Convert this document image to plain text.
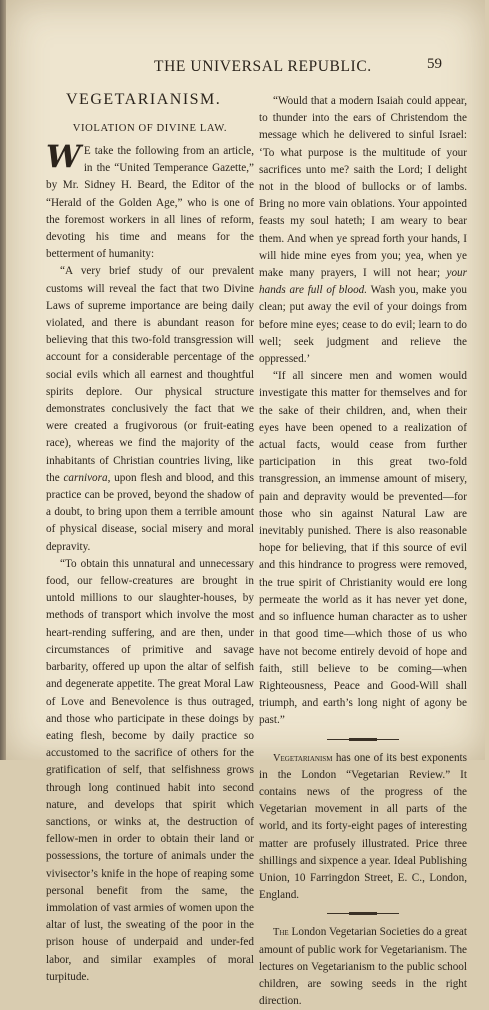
THE UNIVERSAL REPUBLIC.	59
VEGETARIANISM.
VIOLATION OF DIVINE LAW.

W E take the following from an article, in the “United Temperance Gazette,” by Mr. Sidney H. Beard, the Editor of the “Herald of the Golden Age,” who is one of the foremost workers in all lines of reform, devoting his time and means for the betterment of humanity:

“A very brief study of our prevalent customs will reveal the fact that two Divine Laws of supreme importance are being daily violated, and there is abundant reason for believing that this two-fold transgression will account for a considerable percentage of the social evils which all earnest and thoughtful spirits deplore. Our physical structure demonstrates conclusively the fact that we were created a frugivorous (or fruit-eating race), whereas we find the majority of the inhabitants of Christian countries living, like the carnivora, upon flesh and blood, and this practice can be proved, beyond the shadow of a doubt, to bring upon them a terrible amount of physical disease, social misery and moral depravity.

“To obtain this unnatural and unnecessary food, our fellow-creatures are brought in untold millions to our slaughter-houses, by methods of transport which involve the most heart-rending suffering, and are then, under circumstances of primitive and savage barbarity, offered up upon the altar of selfish and degenerate appetite. The great Moral Law of Love and Benevolence is thus outraged, and those who participate in these doings by eating flesh, become by daily practice so accustomed to the sacrifice of others for the gratification of self, that selfishness grows through long continued habit into second nature, and develops that spirit which sanctions, or winks at, the destruction of fellow-men in order to obtain their land or possessions, the torture of animals under the vivisector’s knife in the hope of reaping some personal benefit from the same, the immolation of vast armies of women upon the altar of lust, the sweating of the poor in the prison house of underpaid and under-fed labor, and similar examples of moral turpitude.

“Would that a modern Isaiah could appear, to thunder into the ears of Christendom the message which he delivered to sinful Israel: ‘To what purpose is the multitude of your sacrifices unto me? saith the Lord; I delight not in the blood of bullocks or of lambs. Bring no more vain oblations. Your appointed feasts my soul hateth; I am weary to bear them. And when ye spread forth your hands, I will hide mine eyes from you; yea, when ye make many prayers, I will not hear; your hands are full of blood. Wash you, make you clean; put away the evil of your doings from before mine eyes; cease to do evil; learn to do well; seek judgment and relieve the oppressed.’

“If all sincere men and women would investigate this matter for themselves and for the sake of their children, and, when their eyes have been opened to a realization of actual facts, would cease from further participation in this great two-fold transgression, an immense amount of misery, pain and depravity would be prevented—for those who sin against Natural Law are inevitably punished. There is also reasonable hope for believing, that if this source of evil and this hindrance to progress were removed, the true spirit of Christianity would ere long permeate the world as it has never yet done, and so influence human character as to usher in that good time—which those of us who have not become entirely devoid of hope and faith, still believe to be coming—when Righteousness, Peace and Good-Will shall triumph, and earth’s long night of agony be past.”

Vegetarianism has one of its best exponents in the London “Vegetarian Review.” It contains news of the progress of the Vegetarian movement in all parts of the world, and its forty-eight pages of interesting matter are profusely illustrated. Price three shillings and sixpence a year. Ideal Publishing Union, 10 Farringdon Street, E. C., London, England.

The London Vegetarian Societies do a great amount of public work for Vegetarianism. The lectures on Vegetarianism to the public school children, are sowing seeds in the right direction.
